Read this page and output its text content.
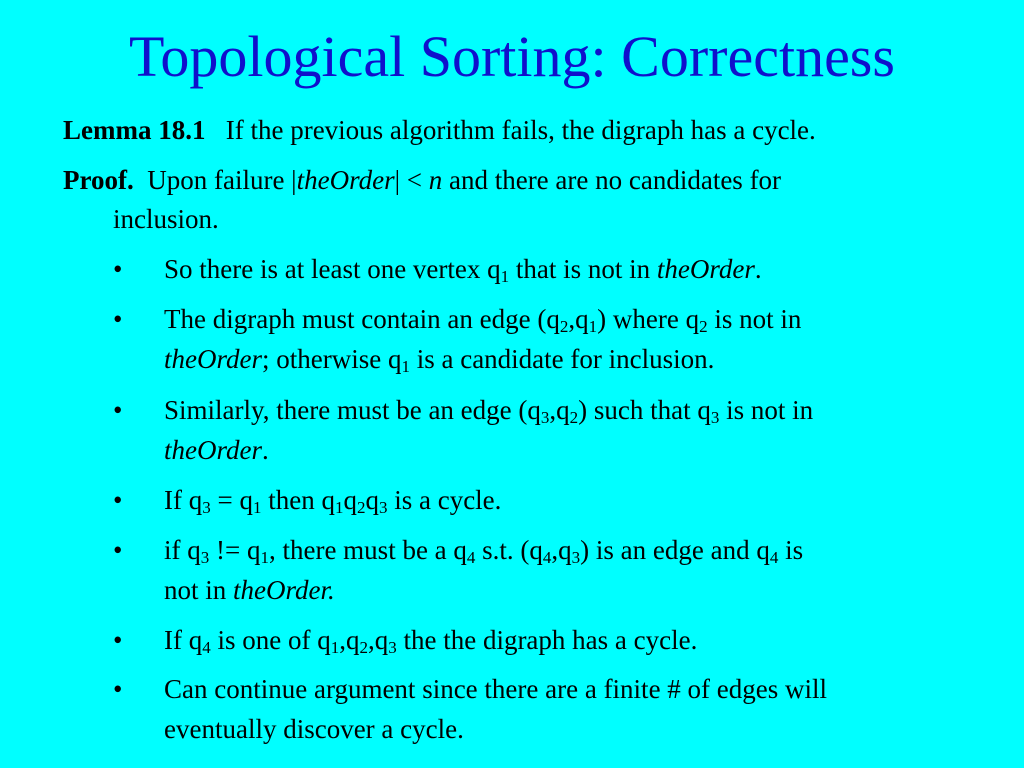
Topological Sorting: Correctness
Lemma 18.1 If the previous algorithm fails, the digraph has a cycle.
Proof. Upon failure |theOrder| < n and there are no candidates for
inclusion.
• So there is at least one vertex $q_1$ that is not in theOrder.
• The digraph must contain an edge $(q_2,q_1)$ where $q_2$ is not in
theOrder; otherwise $q_1$ is a candidate for inclusion.
• Similarly, there must be an edge $(q_3,q_2)$ such that $q_3$ is not in
theOrder.
• If $q_3 = q_1$ then $q_1q_2q_3$ is a cycle.
• if $q_3$ != $q_1$, there must be a $q_4$ s.t. $(q_4,q_3)$ is an edge and $q_4$ is
not in theOrder.
• If $q_4$ is one of $q_1,q_2,q_3$ the the digraph has a cycle.
• Can continue argument since there are a finite # of edges will
eventually discover a cycle.
